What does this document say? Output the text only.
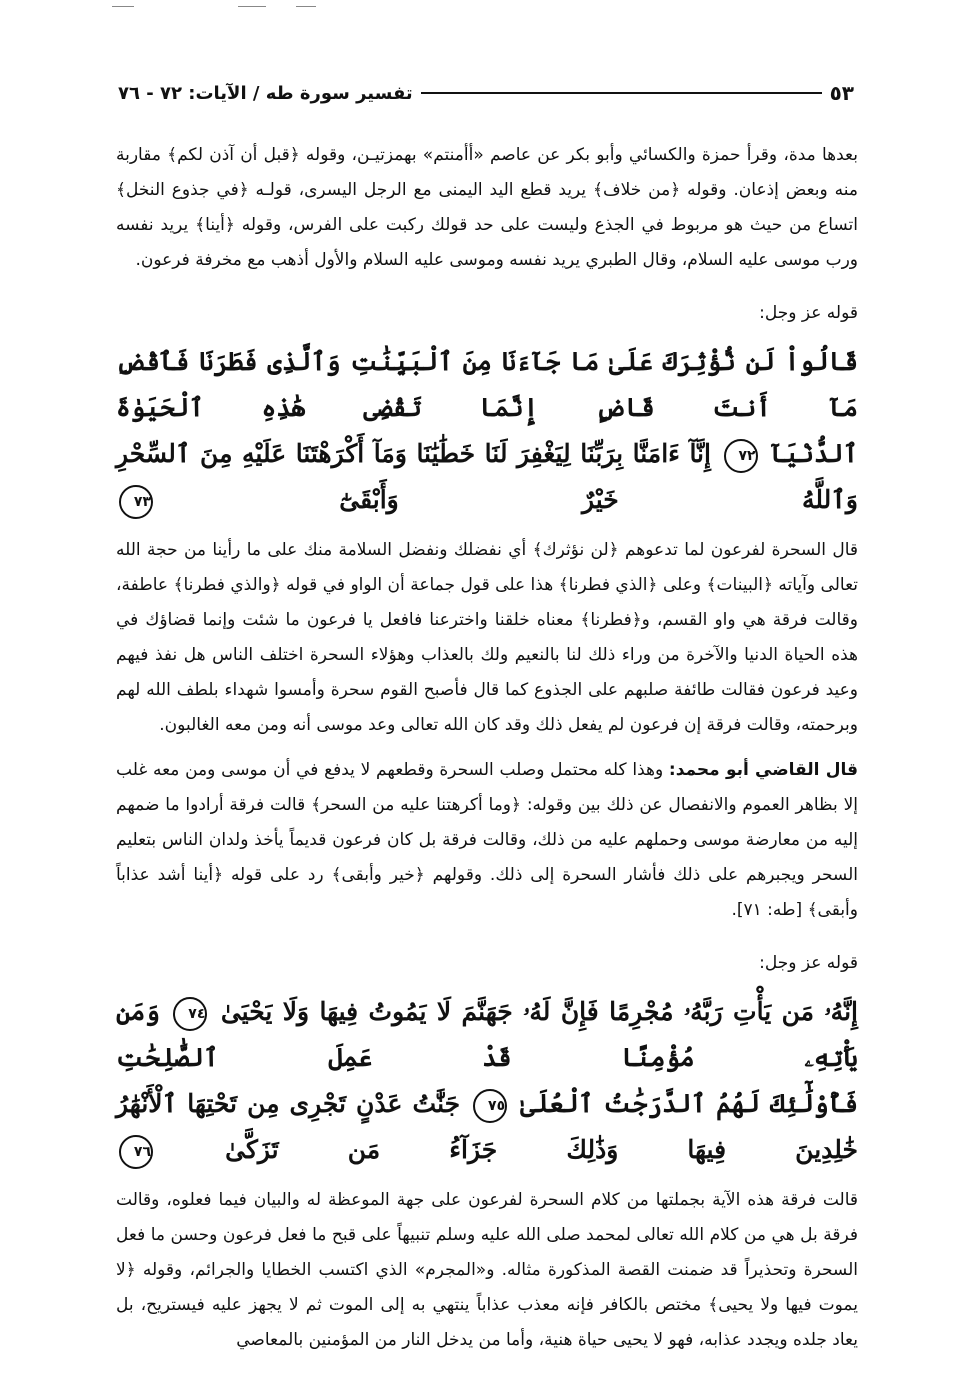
تفسير سورة طه / الآيات: ٧٢ - ٧٦	٥٣

بعدها مدة، وقرأ حمزة والكسائي وأبو بكر عن عاصم «أأمنتم» بهمزتيـن، وقوله ﴿قبل أن آذن لكم﴾ مقاربة منه وبعض إذعان. وقوله ﴿من خلاف﴾ يريد قطع اليد اليمنى مع الرجل اليسرى، قولـه ﴿في جذوع النخل﴾ اتساع من حيث هو مربوط في الجذع وليست على حد قولك ركبت على الفرس، وقوله ﴿أينا﴾ يريد نفسه ورب موسى عليه السلام، وقال الطبري يريد نفسه وموسى عليه السلام والأول أذهب مع مخرفة فرعون.

قوله عز وجل:
قَالُواْ لَن نُّؤْثِرَكَ عَلَىٰ مَا جَآءَنَا مِنَ ٱلْبَيِّنَٰتِ وَٱلَّذِى فَطَرَنَا فَٱقْضِ مَآ أَنتَ قَاضٍ إِنَّمَا تَقْضِى هَٰذِهِ ٱلْحَيَوٰةَ
ٱلدُّنْيَآ ٧٢ إِنَّآ ءَامَنَّا بِرَبِّنَا لِيَغْفِرَ لَنَا خَطَٰيَٰنَا وَمَآ أَكْرَهْتَنَا عَلَيْهِ مِنَ ٱلسِّحْرِ وَٱللَّهُ خَيْرٌ وَأَبْقَىٰٓ ٧٣

قال السحرة لفرعون لما تدعوهم ﴿لن نؤثرك﴾ أي نفضلك ونفضل السلامة منك على ما رأينا من حجة الله تعالى وآياته ﴿البينات﴾ وعلى ﴿الذي فطرنا﴾ هذا على قول جماعة أن الواو في قوله ﴿والذي فطرنا﴾ عاطفة، وقالت فرقة هي واو القسم، و﴿فطرنا﴾ معناه خلقنا واخترعنا فافعل يا فرعون ما شئت وإنما قضاؤك في هذه الحياة الدنيا والآخرة من وراء ذلك لنا بالنعيم ولك بالعذاب وهؤلاء السحرة اختلف الناس هل نفذ فيهم وعيد فرعون فقالت طائفة صلبهم على الجذوع كما قال فأصبح القوم سحرة وأمسوا شهداء بلطف الله لهم وبرحمته، وقالت فرقة إن فرعون لم يفعل ذلك وقد كان الله تعالى وعد موسى أنه ومن معه الغالبون.

قال القاضي أبو محمد: وهذا كله محتمل وصلب السحرة وقطعهم لا يدفع في أن موسى ومن معه غلب إلا بظاهر العموم والانفصال عن ذلك بين وقوله: ﴿وما أكرهتنا عليه من السحر﴾ قالت فرقة أرادوا ما ضمهم إليه من معارضة موسى وحملهم عليه من ذلك، وقالت فرقة بل كان فرعون قديماً يأخذ ولدان الناس بتعليم السحر ويجبرهم على ذلك فأشار السحرة إلى ذلك. وقولهم ﴿خير وأبقى﴾ رد على قوله ﴿أينا أشد عذاباً وأبقى﴾ [طه: ٧١].

قوله عز وجل:
إِنَّهُۥ مَن يَأْتِ رَبَّهُۥ مُجْرِمًا فَإِنَّ لَهُۥ جَهَنَّمَ لَا يَمُوتُ فِيهَا وَلَا يَحْيَىٰ ٧٤ وَمَن يَأْتِهِۦ مُؤْمِنًا قَدْ عَمِلَ ٱلصَّٰلِحَٰتِ
فَأُوْلَٰٓئِكَ لَهُمُ ٱلدَّرَجَٰتُ ٱلْعُلَىٰ ٧٥ جَنَّٰتُ عَدْنٍ تَجْرِى مِن تَحْتِهَا ٱلْأَنْهَٰرُ خَٰلِدِينَ فِيهَا وَذَٰلِكَ جَزَآءُ مَن تَزَكَّىٰ ٧٦

قالت فرقة هذه الآية بجملتها من كلام السحرة لفرعون على جهة الموعظة له والبيان فيما فعلوه، وقالت فرقة بل هي من كلام الله تعالى لمحمد صلى الله عليه وسلم تنبيهاً على قبح ما فعل فرعون وحسن ما فعل السحرة وتحذيراً قد ضمنت القصة المذكورة مثاله. و«المجرم» الذي اكتسب الخطايا والجرائم، وقوله ﴿لا يموت فيها ولا يحيى﴾ مختص بالكافر فإنه معذب عذاباً ينتهي به إلى الموت ثم لا يجهز عليه فيستريح، بل يعاد جلده ويجدد عذابه، فهو لا يحيى حياة هنية، وأما من يدخل النار من المؤمنين بالمعاصي
